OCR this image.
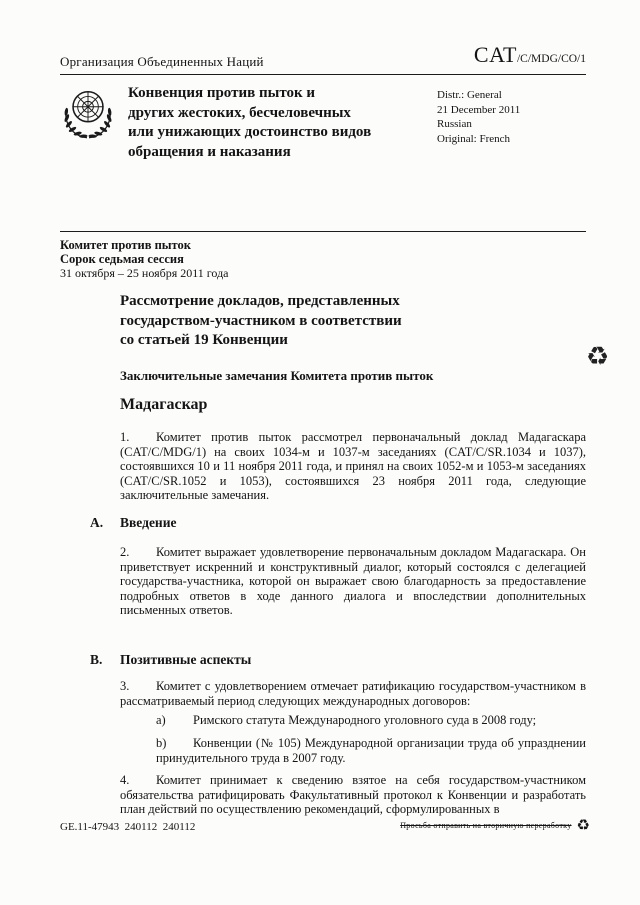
Организация Объединенных Наций	CAT/C/MDG/CO/1
Конвенция против пыток и
других жестоких, бесчеловечных
или унижающих достоинство видов
обращения и наказания
Distr.: General
21 December 2011
Russian
Original: French
Комитет против пыток
Сорок седьмая сессия
31 октября – 25 ноября 2011 года
Рассмотрение докладов, представленных
государством-участником в соответствии
со статьей 19 Конвенции
Заключительные замечания Комитета против пыток
Мадагаскар
1. Комитет против пыток рассмотрел первоначальный доклад Мадагаскара (CAT/C/MDG/1) на своих 1034-м и 1037-м заседаниях (CAT/C/SR.1034 и 1037), состоявшихся 10 и 11 ноября 2011 года, и принял на своих 1052-м и 1053-м заседаниях (CAT/C/SR.1052 и 1053), состоявшихся 23 ноября 2011 года, следующие заключительные замечания.
A. Введение
2. Комитет выражает удовлетворение первоначальным докладом Мадагаскара. Он приветствует искренний и конструктивный диалог, который состоялся с делегацией государства-участника, которой он выражает свою благодарность за предоставление подробных ответов в ходе данного диалога и впоследствии дополнительных письменных ответов.
B. Позитивные аспекты
3. Комитет с удовлетворением отмечает ратификацию государством-участником в рассматриваемый период следующих международных договоров:
a) Римского статута Международного уголовного суда в 2008 году;
b) Конвенции (№ 105) Международной организации труда об упразднении принудительного труда в 2007 году.
4. Комитет принимает к сведению взятое на себя государством-участником обязательства ратифицировать Факультативный протокол к Конвенции и разработать план действий по осуществлению рекомендаций, сформулированных в
♻
GE.11-47943  240112  240112	Просьба отправить на вторичную переработку ♻
